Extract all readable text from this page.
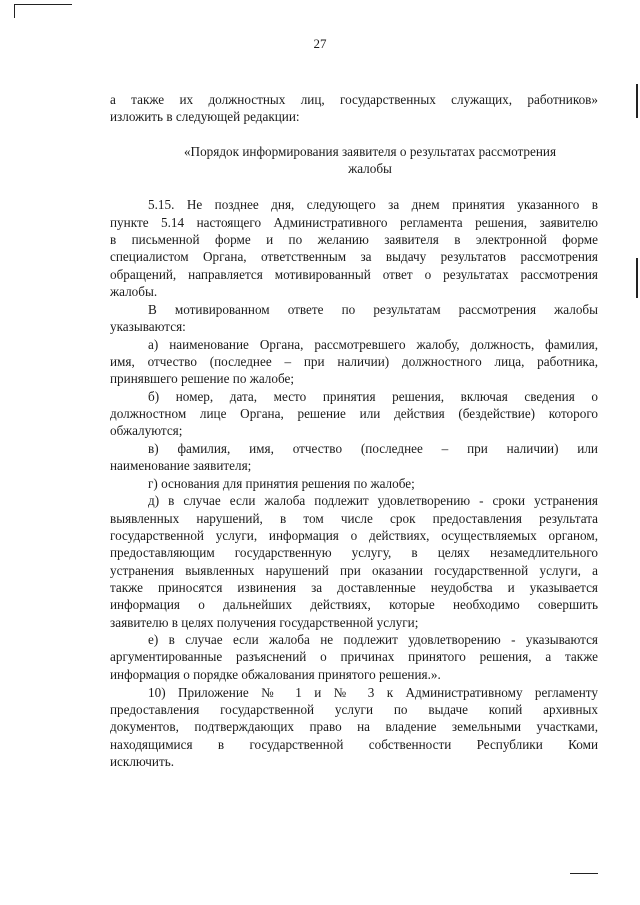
27
а также их должностных лиц, государственных служащих, работников»
изложить в следующей редакции:
«Порядок информирования заявителя о результатах рассмотрения
жалобы
5.15. Не позднее дня, следующего за днем принятия указанного в
пункте 5.14 настоящего Административного регламента решения, заявителю
в письменной форме и по желанию заявителя в электронной форме
специалистом Органа, ответственным за выдачу результатов рассмотрения
обращений, направляется мотивированный ответ о результатах рассмотрения
жалобы.
В мотивированном ответе по результатам рассмотрения жалобы
указываются:
а) наименование Органа, рассмотревшего жалобу, должность, фамилия,
имя, отчество (последнее – при наличии) должностного лица, работника,
принявшего решение по жалобе;
б) номер, дата, место принятия решения, включая сведения о
должностном лице Органа, решение или действия (бездействие) которого
обжалуются;
в) фамилия, имя, отчество (последнее – при наличии) или
наименование заявителя;
г) основания для принятия решения по жалобе;
д) в случае если жалоба подлежит удовлетворению - сроки устранения
выявленных нарушений, в том числе срок предоставления результата
государственной услуги, информация о действиях, осуществляемых органом,
предоставляющим государственную услугу, в целях незамедлительного
устранения выявленных нарушений при оказании государственной услуги, а
также приносятся извинения за доставленные неудобства и указывается
информация о дальнейших действиях, которые необходимо совершить
заявителю в целях получения государственной услуги;
е) в случае если жалоба не подлежит удовлетворению - указываются
аргументированные разъяснений о причинах принятого решения, а также
информация о порядке обжалования принятого решения.».
10) Приложение № 1 и № 3 к Административному регламенту
предоставления государственной услуги по выдаче копий архивных
документов, подтверждающих право на владение земельными участками,
находящимися в государственной собственности Республики Коми
исключить.
